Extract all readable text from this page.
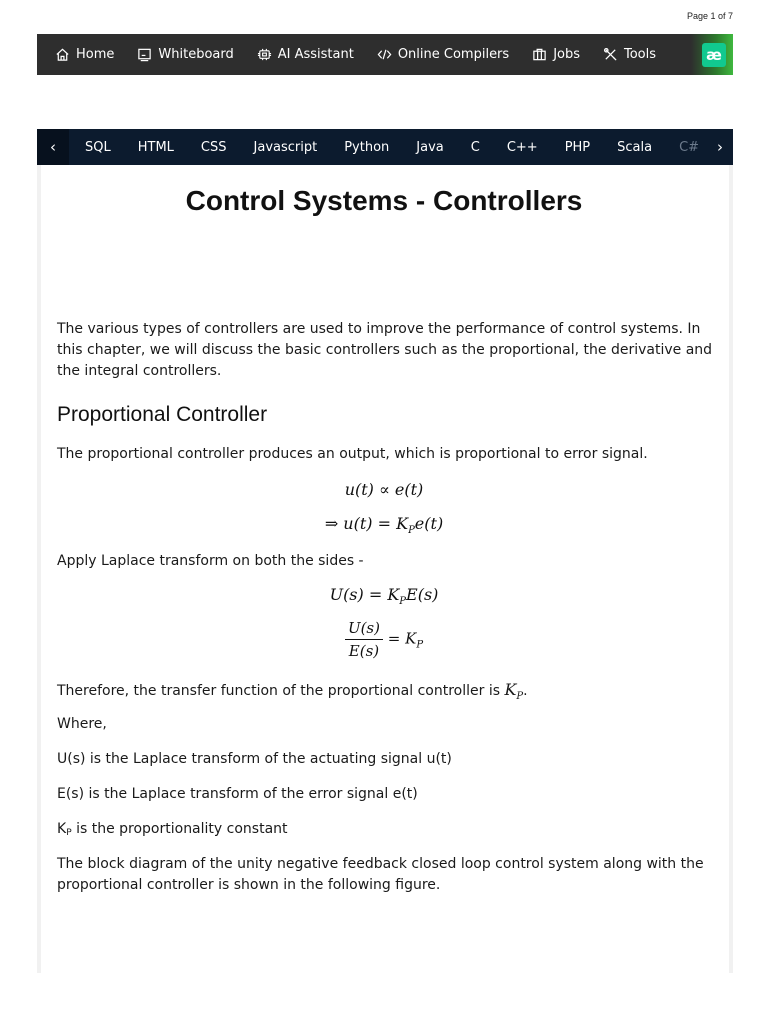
Page 1 of 7
Home	Whiteboard	AI Assistant	Online Compilers	Jobs	Tools	æ
‹	SQL HTML CSS Javascript Python Java C C++ PHP Scala C#	›
Control Systems - Controllers

The various types of controllers are used to improve the performance of control systems. In this chapter, we will discuss the basic controllers such as the proportional, the derivative and the integral controllers.

Proportional Controller

The proportional controller produces an output, which is proportional to error signal.

u(t) ∝ e(t)
⇒ $u(t) = K_Pe(t)$

Apply Laplace transform on both the sides -

$U(s) = K_PE(s)$
$\frac{U(s)}{E(s)} = K_P$

Therefore, the transfer function of the proportional controller is $K_P$.

Where,

U(s) is the Laplace transform of the actuating signal u(t)

E(s) is the Laplace transform of the error signal e(t)

KP is the proportionality constant

The block diagram of the unity negative feedback closed loop control system along with the proportional controller is shown in the following figure.
